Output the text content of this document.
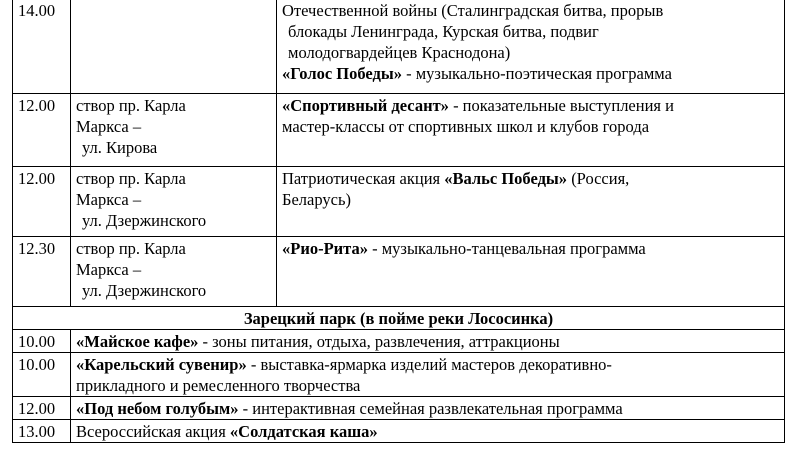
14.00		Отечественной войны (Сталинградская битва, прорыв
блокады Ленинграда, Курская битва, подвиг
молодогвардейцев Краснодона)
«Голос Победы» - музыкально-поэтическая программа

12.00	створ пр. Карла
Маркса –
ул. Кирова	«Спортивный десант» - показательные выступления и
мастер-классы от спортивных школ и клубов города

12.00	створ пр. Карла
Маркса –
ул. Дзержинского	Патриотическая акция «Вальс Победы» (Россия,
Беларусь)

12.30	створ пр. Карла
Маркса –
ул. Дзержинского	«Рио-Рита» - музыкально-танцевальная программа

Зарецкий парк (в пойме реки Лососинка)		
10.00	«Майское кафе» - зоны питания, отдыха, развлечения, аттракционы	
10.00	«Карельский сувенир» - выставка-ярмарка изделий мастеров декоративно-
прикладного и ремесленного творчества	

12.00	«Под небом голубым» - интерактивная семейная развлекательная программа	
13.00	Всероссийская акция «Солдатская каша»	
